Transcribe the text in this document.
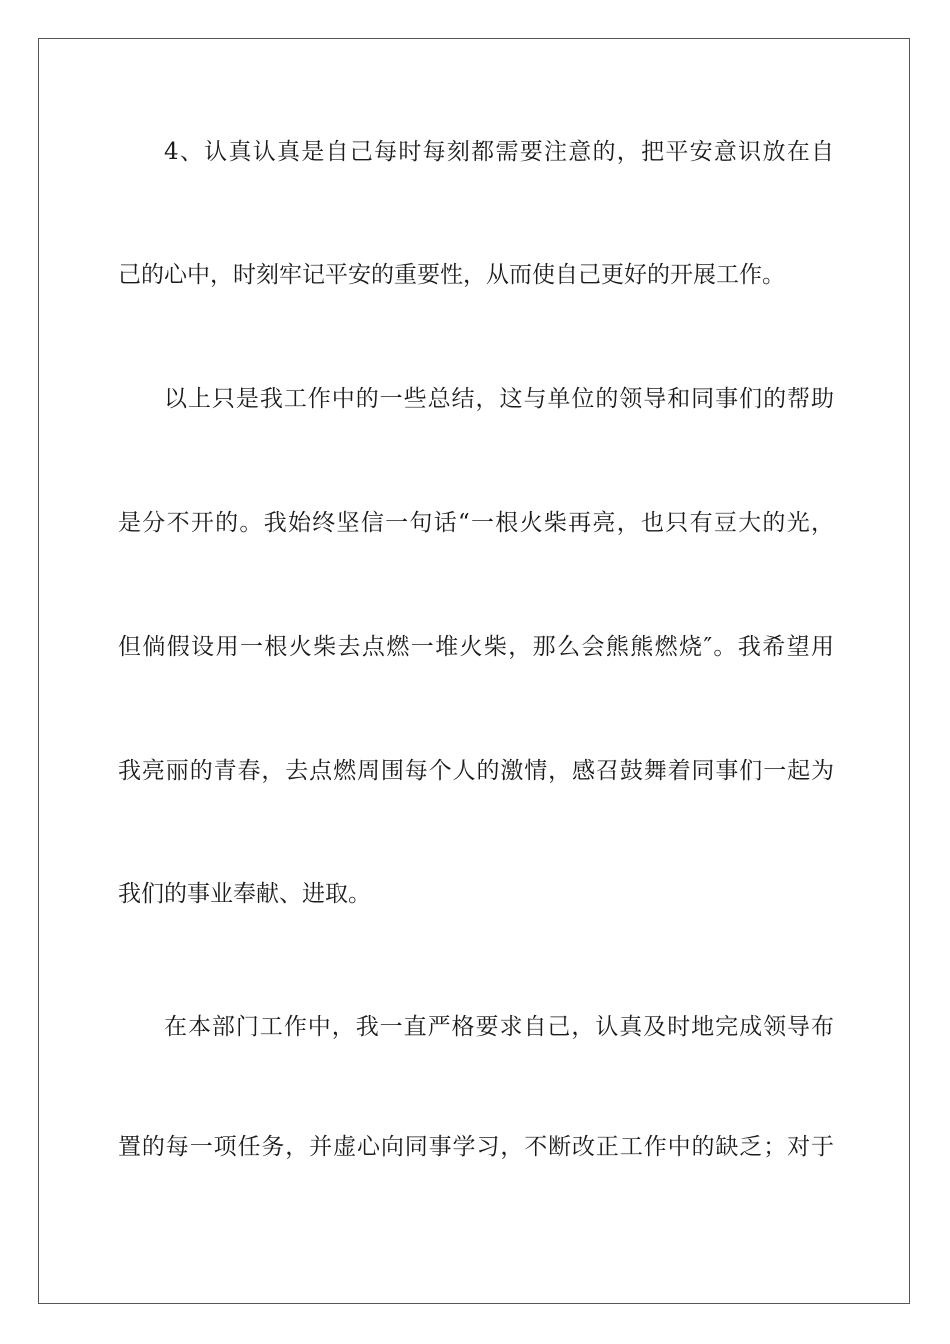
4、认真认真是自己每时每刻都需要注意的，把平安意识放在自
己的心中，时刻牢记平安的重要性，从而使自己更好的开展工作。
以上只是我工作中的一些总结，这与单位的领导和同事们的帮助
是分不开的。我始终坚信一句话“一根火柴再亮，也只有豆大的光，
但倘假设用一根火柴去点燃一堆火柴，那么会熊熊燃烧″。我希望用
我亮丽的青春，去点燃周围每个人的激情，感召鼓舞着同事们一起为
我们的事业奉献、进取。
在本部门工作中，我一直严格要求自己，认真及时地完成领导布
置的每一项任务，并虚心向同事学习，不断改正工作中的缺乏；对于
